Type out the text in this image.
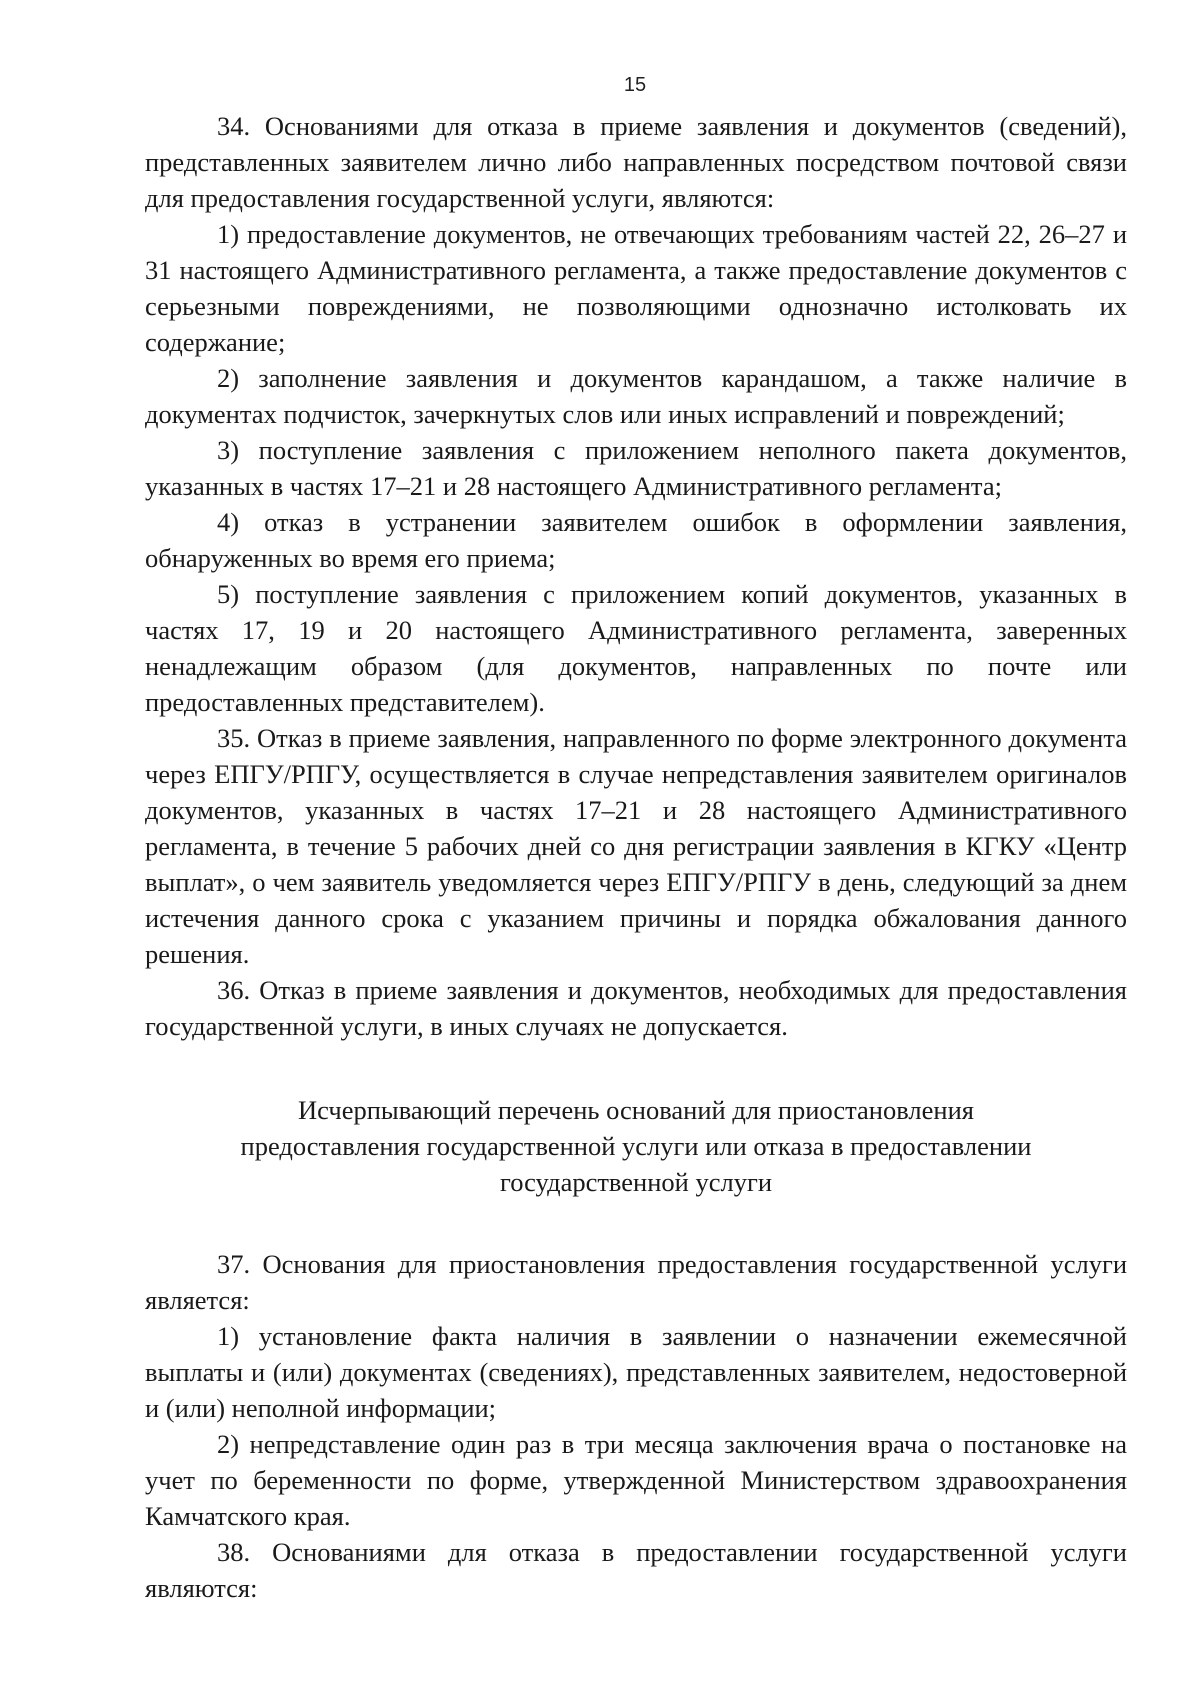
15

34. Основаниями для отказа в приеме заявления и документов (сведений), представленных заявителем лично либо направленных посредством почтовой связи для предоставления государственной услуги, являются:

1) предоставление документов, не отвечающих требованиям частей 22, 26–27 и 31 настоящего Административного регламента, а также предоставление документов с серьезными повреждениями, не позволяющими однозначно истолковать их содержание;

2) заполнение заявления и документов карандашом, а также наличие в документах подчисток, зачеркнутых слов или иных исправлений и повреждений;

3) поступление заявления с приложением неполного пакета документов, указанных в частях 17–21 и 28 настоящего Административного регламента;

4) отказ в устранении заявителем ошибок в оформлении заявления, обнаруженных во время его приема;

5) поступление заявления с приложением копий документов, указанных в частях 17, 19 и 20 настоящего Административного регламента, заверенных ненадлежащим образом (для документов, направленных по почте или предоставленных представителем).

35. Отказ в приеме заявления, направленного по форме электронного документа через ЕПГУ/РПГУ, осуществляется в случае непредставления заявителем оригиналов документов, указанных в частях 17–21 и 28 настоящего Административного регламента, в течение 5 рабочих дней со дня регистрации заявления в КГКУ «Центр выплат», о чем заявитель уведомляется через ЕПГУ/РПГУ в день, следующий за днем истечения данного срока с указанием причины и порядка обжалования данного решения.

36. Отказ в приеме заявления и документов, необходимых для предоставления государственной услуги, в иных случаях не допускается.

Исчерпывающий перечень оснований для приостановления
предоставления государственной услуги или отказа в предоставлении
государственной услуги

37. Основания для приостановления предоставления государственной услуги является:

1) установление факта наличия в заявлении о назначении ежемесячной выплаты и (или) документах (сведениях), представленных заявителем, недостоверной и (или) неполной информации;

2) непредставление один раз в три месяца заключения врача о постановке на учет по беременности по форме, утвержденной Министерством здравоохранения Камчатского края.

38. Основаниями для отказа в предоставлении государственной услуги являются:
